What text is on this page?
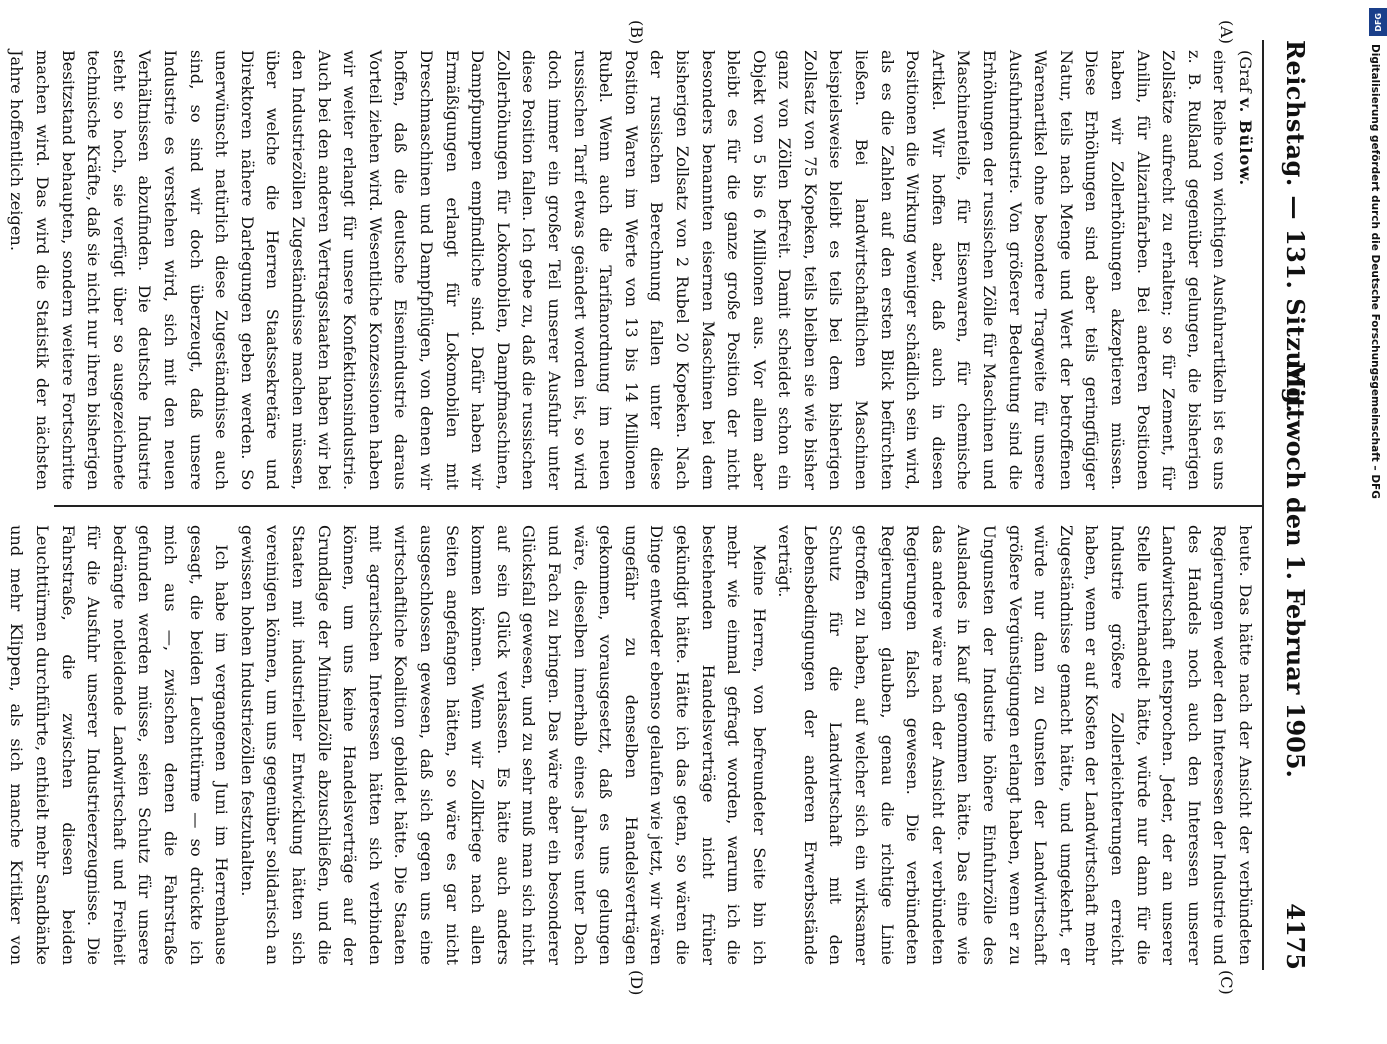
Reichstag. — 131. Sitzung.
Mittwoch den 1. Februar 1905.
4175
(A)
(B)
(C)
(D)

(Graf v. Bülow.

einer Reihe von wichtigen Ausfuhrartikeln ist es uns z. B. Rußland gegenüber gelungen, die bisherigen Zollsätze aufrecht zu erhalten; so für Zement, für Anilin, für Alizarinfarben. Bei anderen Positionen haben wir Zollerhöhungen akzeptieren müssen. Diese Erhöhungen sind aber teils geringfügiger Natur, teils nach Menge und Wert der betroffenen Warenartikel ohne besondere Tragweite für unsere Ausfuhrindustrie. Von größerer Bedeutung sind die Erhöhungen der russischen Zölle für Maschinen und Maschinenteile, für Eisenwaren, für chemische Artikel. Wir hoffen aber, daß auch in diesen Positionen die Wirkung weniger schädlich sein wird, als es die Zahlen auf den ersten Blick befürchten ließen. Bei landwirtschaftlichen Maschinen beispielsweise bleibt es teils bei dem bisherigen Zollsatz von 75 Kopeken, teils bleiben sie wie bisher ganz von Zöllen befreit. Damit scheidet schon ein Objekt von 5 bis 6 Millionen aus. Vor allem aber bleibt es für die ganze große Position der nicht besonders benannten eisernen Maschinen bei dem bisherigen Zollsatz von 2 Rubel 20 Kopeken. Nach der russischen Berechnung fallen unter diese Position Waren im Werte von 13 bis 14 Millionen Rubel. Wenn auch die Tarifanordnung im neuen russischen Tarif etwas geändert worden ist, so wird doch immer ein großer Teil unserer Ausfuhr unter diese Position fallen. Ich gebe zu, daß die russischen Zollerhöhungen für Lokomobilen, Dampfmaschinen, Dampfpumpen empfindliche sind. Dafür haben wir Ermäßigungen erlangt für Lokomobilen mit Dreschmaschinen und Dampfpflügen, von denen wir hoffen, daß die deutsche Eisenindustrie daraus Vorteil ziehen wird. Wesentliche Konzessionen haben wir weiter erlangt für unsere Konfektionsindustrie. Auch bei den anderen Vertragsstaaten haben wir bei den Industriezöllen Zugeständnisse machen müssen, über welche die Herren Staatssekretäre und Direktoren nähere Darlegungen geben werden. So unerwünscht natürlich diese Zugeständnisse auch sind, so sind wir doch überzeugt, daß unsere Industrie es verstehen wird, sich mit den neuen Verhältnissen abzufinden. Die deutsche Industrie steht so hoch, sie verfügt über so ausgezeichnete technische Kräfte, daß sie nicht nur ihren bisherigen Besitzstand behaupten, sondern weitere Fortschritte machen wird. Das wird die Statistik der nächsten Jahre hoffentlich zeigen.

heute. Das hätte nach der Ansicht der verbündeten Regierungen weder den Interessen der Industrie und des Handels noch auch den Interessen unserer Landwirtschaft entsprochen. Jeder, der an unserer Stelle unterhandelt hätte, würde nur dann für die Industrie größere Zollerleichterungen erreicht haben, wenn er auf Kosten der Landwirtschaft mehr Zugeständnisse gemacht hätte, und umgekehrt, er würde nur dann zu Gunsten der Landwirtschaft größere Vergünstigungen erlangt haben, wenn er zu Ungunsten der Industrie höhere Einfuhrzölle des Auslandes in Kauf genommen hätte. Das eine wie das andere wäre nach der Ansicht der verbündeten Regierungen falsch gewesen. Die verbündeten Regierungen glauben, genau die richtige Linie getroffen zu haben, auf welcher sich ein wirksamer Schutz für die Landwirtschaft mit den Lebensbedingungen der anderen Erwerbsstände verträgt.

Meine Herren, von befreundeter Seite bin ich mehr wie einmal gefragt worden, warum ich die bestehenden Handelsverträge nicht früher gekündigt hätte. Hätte ich das getan, so wären die Dinge entweder ebenso gelaufen wie jetzt, wir wären ungefähr zu denselben Handelsverträgen gekommen, vorausgesetzt, daß es uns gelungen wäre, dieselben innerhalb eines Jahres unter Dach und Fach zu bringen. Das wäre aber ein besonderer Glücksfall gewesen, und zu sehr muß man sich nicht auf sein Glück verlassen. Es hätte auch anders kommen können. Wenn wir Zollkriege nach allen Seiten angefangen hätten, so wäre es gar nicht ausgeschlossen gewesen, daß sich gegen uns eine wirtschaftliche Koalition gebildet hätte. Die Staaten mit agrarischen Interessen hätten sich verbinden können, um uns keine Handelsverträge auf der Grundlage der Minimalzölle abzuschließen, und die Staaten mit industrieller Entwicklung hätten sich vereinigen können, um uns gegenüber solidarisch an gewissen hohen Industriezöllen festzuhalten.

Ich habe im vergangenen Juni im Herrenhause gesagt, die beiden Leuchttürme — so drückte ich mich aus —, zwischen denen die Fahrstraße gefunden werden müsse, seien Schutz für unsere bedrängte notleidende Landwirtschaft und Freiheit für die Ausfuhr unserer Industrieerzeugnisse. Die Fahrstraße, die zwischen diesen beiden Leuchttürmen durchführte, enthielt mehr Sandbänke und mehr Klippen, als sich manche Kritiker von

DFG
Digitalisierung gefördert durch die Deutsche Forschungsgemeinschaft – DFG
